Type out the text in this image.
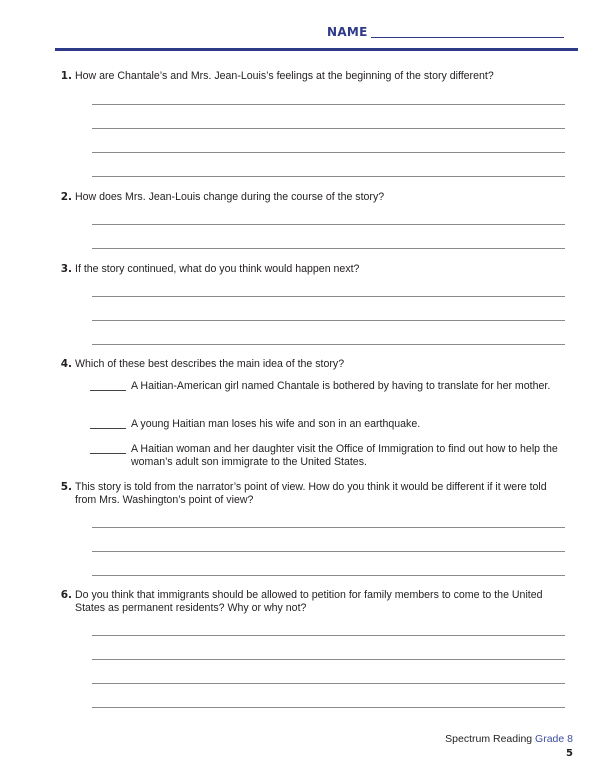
NAME
1. How are Chantale’s and Mrs. Jean-Louis’s feelings at the beginning of the story different?
2. How does Mrs. Jean-Louis change during the course of the story?
3. If the story continued, what do you think would happen next?
4. Which of these best describes the main idea of the story?
A Haitian-American girl named Chantale is bothered by having to translate for her mother.
A young Haitian man loses his wife and son in an earthquake.
A Haitian woman and her daughter visit the Office of Immigration to find out how to help the woman’s adult son immigrate to the United States.
5. This story is told from the narrator’s point of view. How do you think it would be different if it were told from Mrs. Washington’s point of view?
6. Do you think that immigrants should be allowed to petition for family members to come to the United States as permanent residents? Why or why not?
Spectrum Reading Grade 8
5
